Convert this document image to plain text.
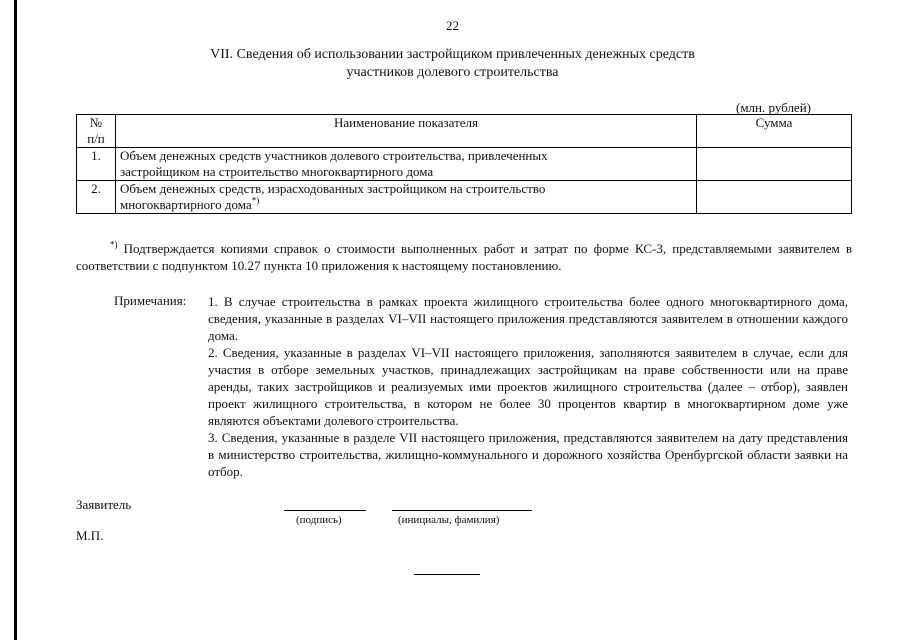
22
VII. Сведения об использовании застройщиком привлеченных денежных средств
участников долевого строительства
(млн. рублей)
№
п/п	Наименование показателя	Сумма
1.	Объем денежных средств участников долевого строительства, привлеченных застройщиком на строительство многоквартирного дома	
2.	Объем денежных средств, израсходованных застройщиком на строительство многоквартирного дома*)	
*) Подтверждается копиями справок о стоимости выполненных работ и затрат по форме КС-3, представляемыми заявителем в соответствии с подпунктом 10.27 пункта 10 приложения к настоящему постановлению.
Примечания: 1. В случае строительства в рамках проекта жилищного строительства более одного многоквартирного дома, сведения, указанные в разделах VI–VII настоящего приложения представляются заявителем в отношении каждого дома.

2. Сведения, указанные в разделах VI–VII настоящего приложения, заполняются заявителем в случае, если для участия в отборе земельных участков, принадлежащих застройщикам на праве собственности или на праве аренды, таких застройщиков и реализуемых ими проектов жилищного строительства (далее – отбор), заявлен проект жилищного строительства, в котором не более 30 процентов квартир в многоквартирном доме уже являются объектами долевого строительства.

3. Сведения, указанные в разделе VII настоящего приложения, представляются заявителем на дату представления в министерство строительства, жилищно-коммунального и дорожного хозяйства Оренбургской области заявки на отбор.

Заявитель
(подпись)	(инициалы, фамилия)
М.П.
